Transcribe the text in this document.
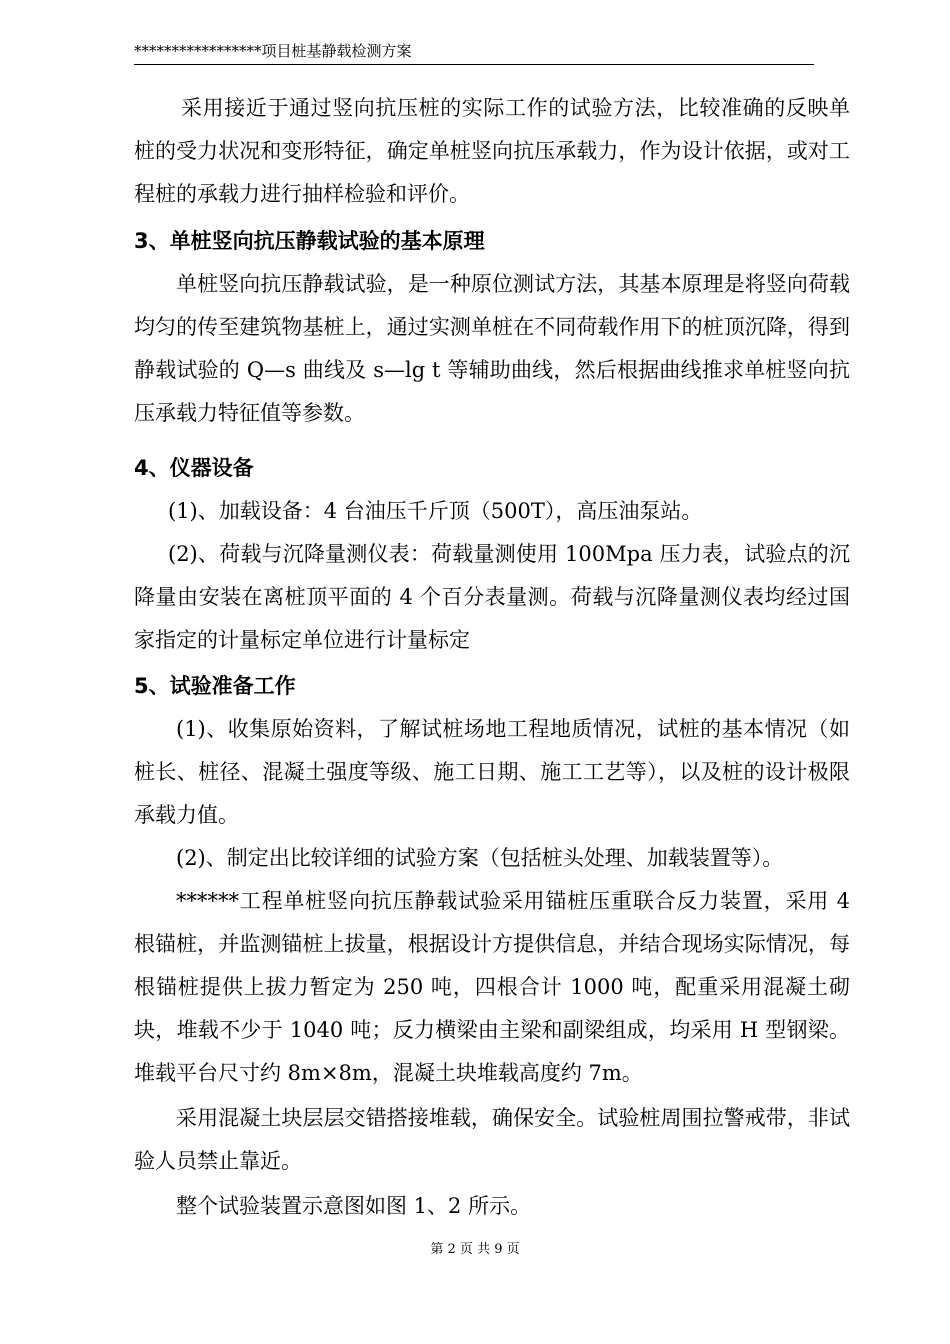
*****************项目桩基静载检测方案
采用接近于通过竖向抗压桩的实际工作的试验方法，比较准确的反映单桩的受力状况和变形特征，确定单桩竖向抗压承载力，作为设计依据，或对工程桩的承载力进行抽样检验和评价。
3、单桩竖向抗压静载试验的基本原理
单桩竖向抗压静载试验，是一种原位测试方法，其基本原理是将竖向荷载均匀的传至建筑物基桩上，通过实测单桩在不同荷载作用下的桩顶沉降，得到静载试验的 Q—s 曲线及 s—lg t 等辅助曲线，然后根据曲线推求单桩竖向抗压承载力特征值等参数。
4、仪器设备
(1)、加载设备：4 台油压千斤顶（500T），高压油泵站。
(2)、荷载与沉降量测仪表：荷载量测使用 100Mpa 压力表，试验点的沉降量由安装在离桩顶平面的 4 个百分表量测。荷载与沉降量测仪表均经过国家指定的计量标定单位进行计量标定
5、试验准备工作
(1)、收集原始资料，了解试桩场地工程地质情况，试桩的基本情况（如桩长、桩径、混凝土强度等级、施工日期、施工工艺等），以及桩的设计极限承载力值。
(2)、制定出比较详细的试验方案（包括桩头处理、加载装置等）。
******工程单桩竖向抗压静载试验采用锚桩压重联合反力装置，采用 4 根锚桩，并监测锚桩上拔量，根据设计方提供信息，并结合现场实际情况，每根锚桩提供上拔力暂定为 250 吨，四根合计 1000 吨，配重采用混凝土砌块，堆载不少于 1040 吨；反力横梁由主梁和副梁组成，均采用 H 型钢梁。堆载平台尺寸约 8m×8m，混凝土块堆载高度约 7m。
采用混凝土块层层交错搭接堆载，确保安全。试验桩周围拉警戒带，非试验人员禁止靠近。
整个试验装置示意图如图 1、2 所示。
第 2 页 共 9 页
